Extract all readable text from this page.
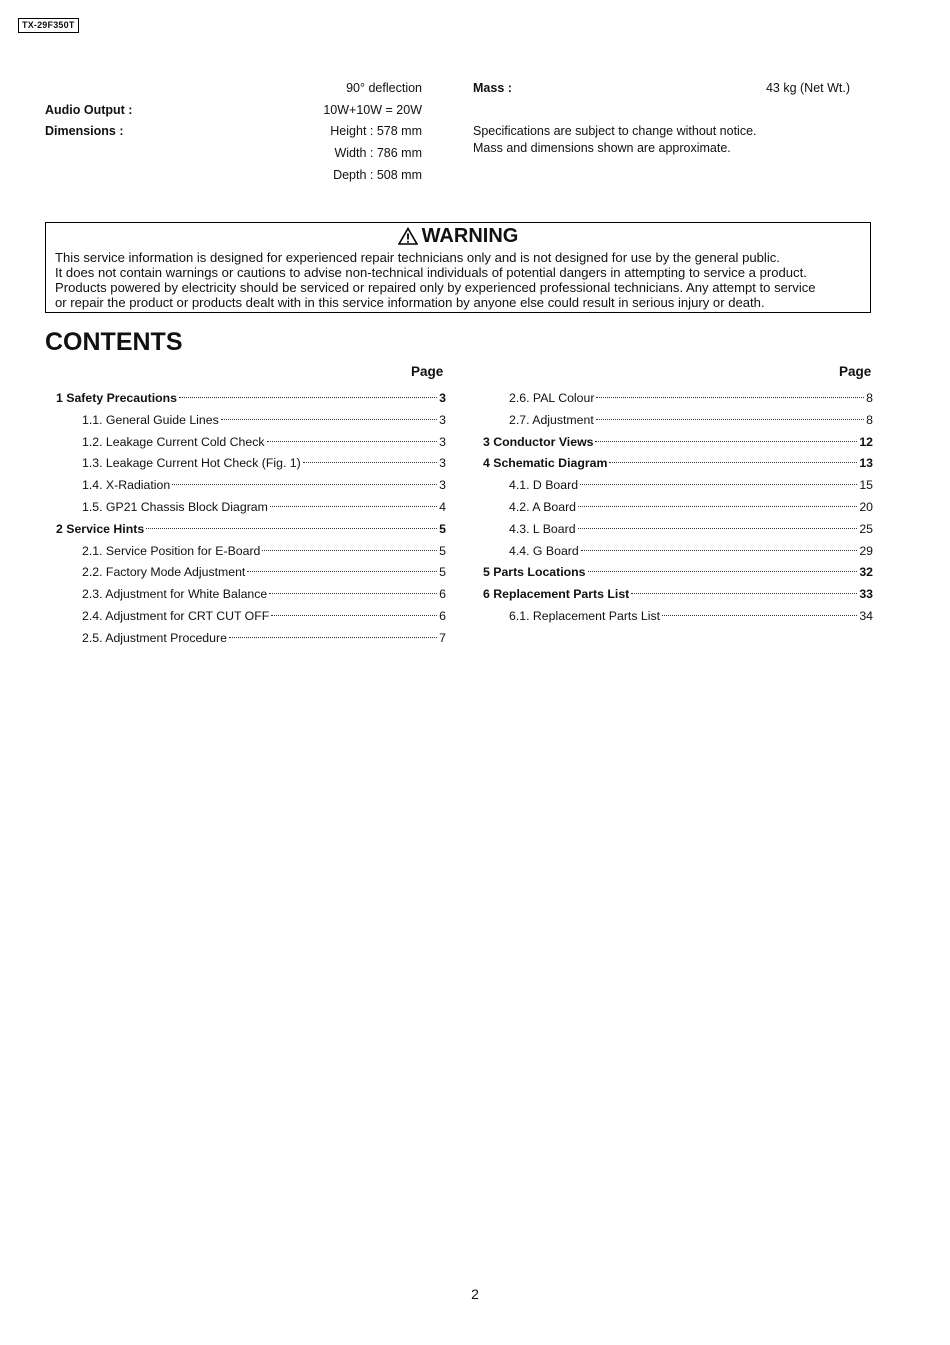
TX-29F350T
90° deflection
Audio Output :	10W+10W = 20W
Dimensions :	Height : 578 mm
Width : 786 mm
Depth : 508 mm
Mass :	43 kg (Net Wt.)
Specifications are subject to change without notice.
Mass and dimensions shown are approximate.
WARNING
This service information is designed for experienced repair technicians only and is not designed for use by the general public.
It does not contain warnings or cautions to advise non-technical individuals of potential dangers in attempting to service a product.
Products powered by electricity should be serviced or repaired only by experienced professional technicians. Any attempt to service
or repair the product or products dealt with in this service information by anyone else could result in serious injury or death.
CONTENTS
Page	Page
1 Safety Precautions	3
1.1. General Guide Lines	3
1.2. Leakage Current Cold Check	3
1.3. Leakage Current Hot Check (Fig. 1)	3
1.4. X-Radiation	3
1.5. GP21 Chassis Block Diagram	4
2 Service Hints	5
2.1. Service Position for E-Board	5
2.2. Factory Mode Adjustment	5
2.3. Adjustment for White Balance	6
2.4. Adjustment for CRT CUT OFF	6
2.5. Adjustment Procedure	7
2.6. PAL Colour	8
2.7. Adjustment	8
3 Conductor Views	12
4 Schematic Diagram	13
4.1. D Board	15
4.2. A Board	20
4.3. L Board	25
4.4. G Board	29
5 Parts Locations	32
6 Replacement Parts List	33
6.1. Replacement Parts List	34
2
